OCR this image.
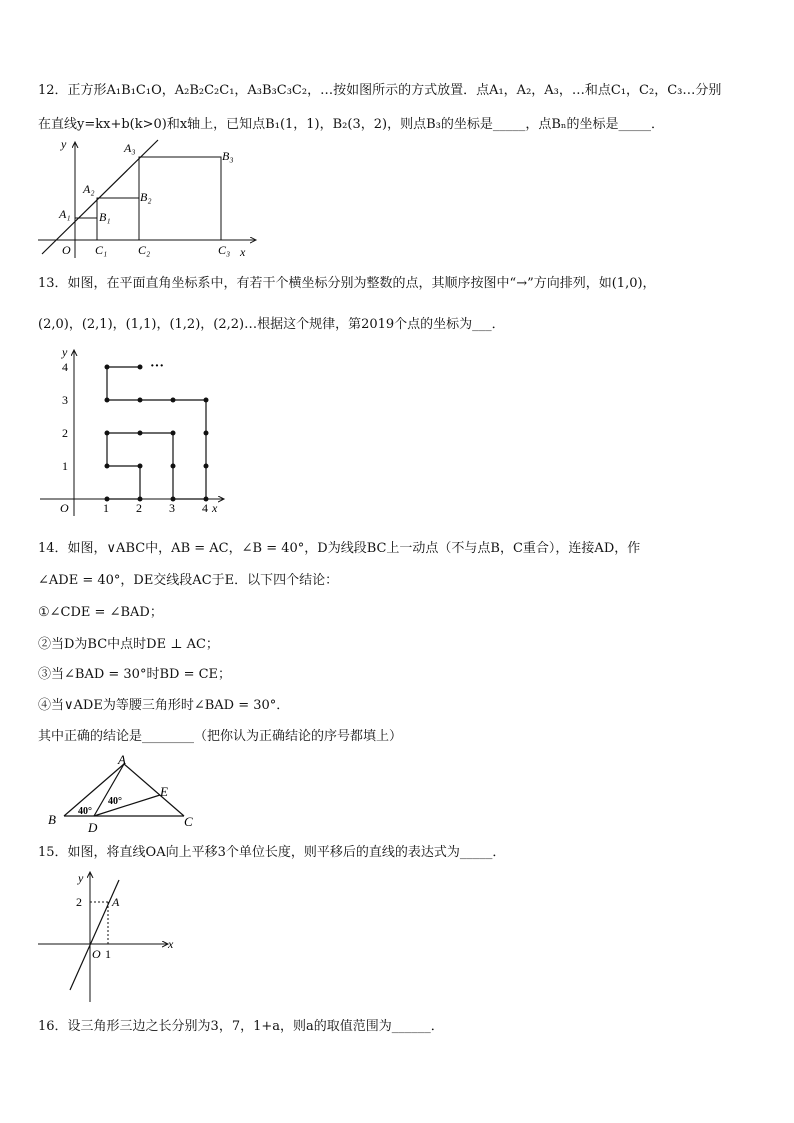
12．正方形A₁B₁C₁O，A₂B₂C₂C₁，A₃B₃C₃C₂，…按如图所示的方式放置．点A₁，A₂，A₃，…和点C₁，C₂，C₃…分别
在直线y=kx+b(k>0)和x轴上，已知点B₁(1，1)，B₂(3，2)，则点B₃的坐标是_____，点Bₙ的坐标是_____．
y
x
O
A₁
A₂
A₃
B₁
B₂
B₃
C₁	C₂	C₃
13．如图，在平面直角坐标系中，有若干个横坐标分别为整数的点，其顺序按图中“→”方向排列，如(1,0)，
(2,0)，(2,1)，(1,1)，(1,2)，(2,2)…根据这个规律，第2019个点的坐标为___．
···
y
x
O	1 2 3 4
1
2
3
4
14．如图，∨ABC中，AB = AC，∠B = 40°，D为线段BC上一动点（不与点B，C重合），连接AD，作
∠ADE = 40°，DE交线段AC于E．以下四个结论：
①∠CDE = ∠BAD；
②当D为BC中点时DE ⊥ AC；
③当∠BAD = 30°时BD = CE；
④当∨ADE为等腰三角形时∠BAD = 30°．
其中正确的结论是________（把你认为正确结论的序号都填上）
A
B	C
D
E
40°
40°
15．如图，将直线OA向上平移3个单位长度，则平移后的直线的表达式为_____．
y
x
O
A
2
1
16．设三角形三边之长分别为3，7，1+a，则a的取值范围为______．
